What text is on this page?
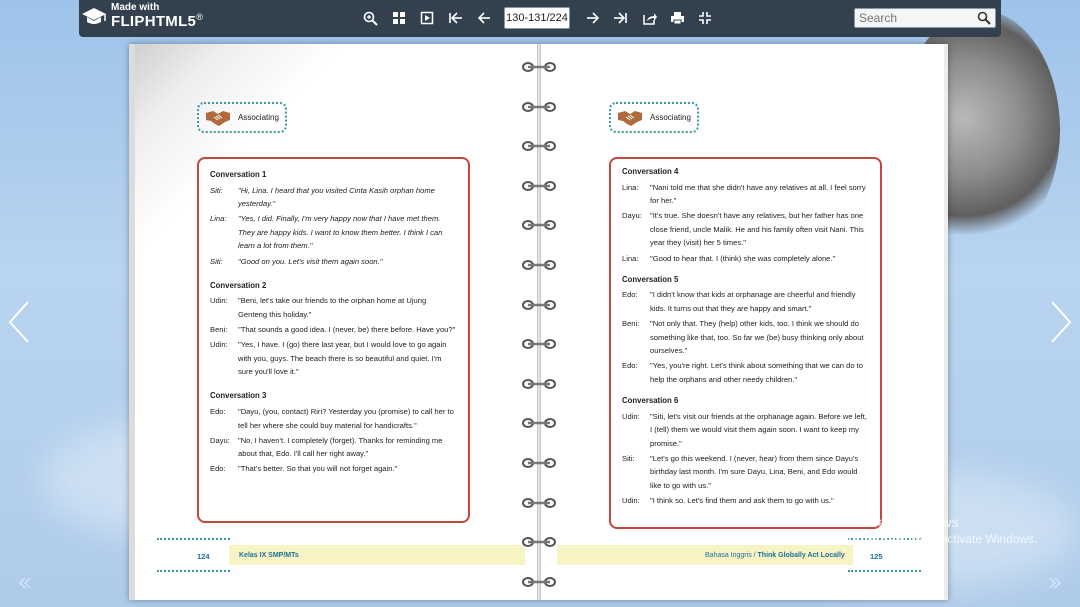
Made with
FLIPHTML5®	130-131/224
Search
Associating
Conversation 1
Siti:	"Hi, Lina. I heard that you visited Cinta Kasih orphan home yesterday."
Lina:	"Yes, I did. Finally, I'm very happy now that I have met them. They are happy kids. I want to know them better. I think I can learn a lot from them."
Siti:	"Good on you. Let's visit them again soon."
Conversation 2
Udin:	"Beni, let's take our friends to the orphan home at Ujung Genteng this holiday."
Beni:	"That sounds a good idea. I (never, be) there before. Have you?"
Udin:	"Yes, I have. I (go) there last year, but I would love to go again with you, guys. The beach there is so beautiful and quiet. I'm sure you'll love it."
Conversation 3
Edo:	"Dayu, (you, contact) Riri? Yesterday you (promise) to call her to tell her where she could buy material for handicrafts."
Dayu:	"No, I haven't. I completely (forget). Thanks for reminding me about that, Edo. I'll call her right away."
Edo:	"That's better. So that you will not forget again."
124	Kelas IX SMP/MTs
Associating
Conversation 4
Lina:	"Nani told me that she didn't have any relatives at all. I feel sorry for her."
Dayu:	"It's true. She doesn't have any relatives, but her father has one close friend, uncle Malik. He and his family often visit Nani. This year they (visit) her 5 times."
Lina:	"Good to hear that. I (think) she was completely alone."
Conversation 5
Edo:	"I didn't know that kids at orphanage are cheerful and friendly kids. It turns out that they are happy and smart."
Beni:	"Not only that. They (help) other kids, too. I think we should do something like that, too. So far we (be) busy thinking only about ourselves."
Edo:	"Yes, you're right. Let's think about something that we can do to help the orphans and other needy children."
Conversation 6
Udin:	"Siti, let's visit our friends at the orphanage again. Before we left, I (tell) them we would visit them again soon. I want to keep my promise."
Siti:	"Let's go this weekend. I (never, hear) from them since Dayu's birthday last month. I'm sure Dayu, Lina, Beni, and Edo would like to go with us."
Udin:	"I think so. Let's find them and ask them to go with us."
125
Bahasa Inggris / Think Globally Act Locally
Activate Windows
Go to Settings to activate Windows.
